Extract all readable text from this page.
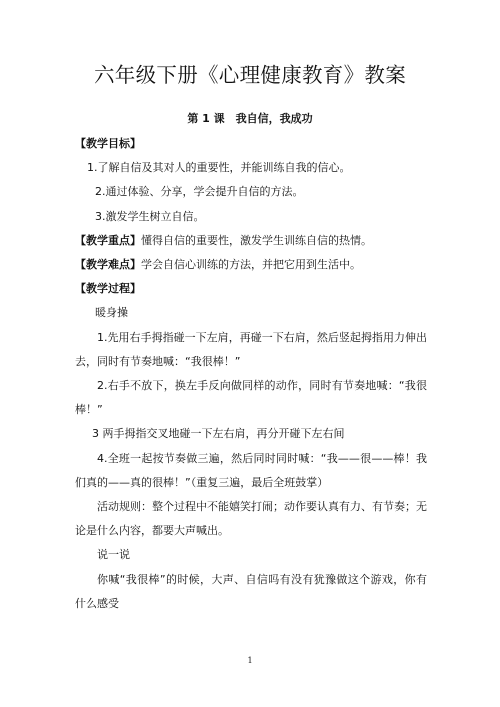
六年级下册《心理健康教育》教案
第 1 课　我自信，我成功

【教学目标】

1.了解自信及其对人的重要性，并能训练自我的信心。

2.通过体验、分享，学会提升自信的方法。

3.激发学生树立自信。

【教学重点】懂得自信的重要性，激发学生训练自信的热情。

【教学难点】学会自信心训练的方法，并把它用到生活中。

【教学过程】

暖身操

1.先用右手拇指碰一下左肩，再碰一下右肩，然后竖起拇指用力伸出去，同时有节奏地喊：“我很棒！”

2.右手不放下，换左手反向做同样的动作，同时有节奏地喊：“我很棒！”

3 两手拇指交叉地碰一下左右肩，再分开碰下左右间

4.全班一起按节奏做三遍，然后同时同时喊：“我——很——棒！我们真的——真的很棒！”（重复三遍，最后全班鼓掌）

活动规则：整个过程中不能嬉笑打闹；动作要认真有力、有节奏；无论是什么内容，都要大声喊出。

说一说

你喊“我很棒”的时候，大声、自信吗有没有犹豫做这个游戏，你有什么感受

1
